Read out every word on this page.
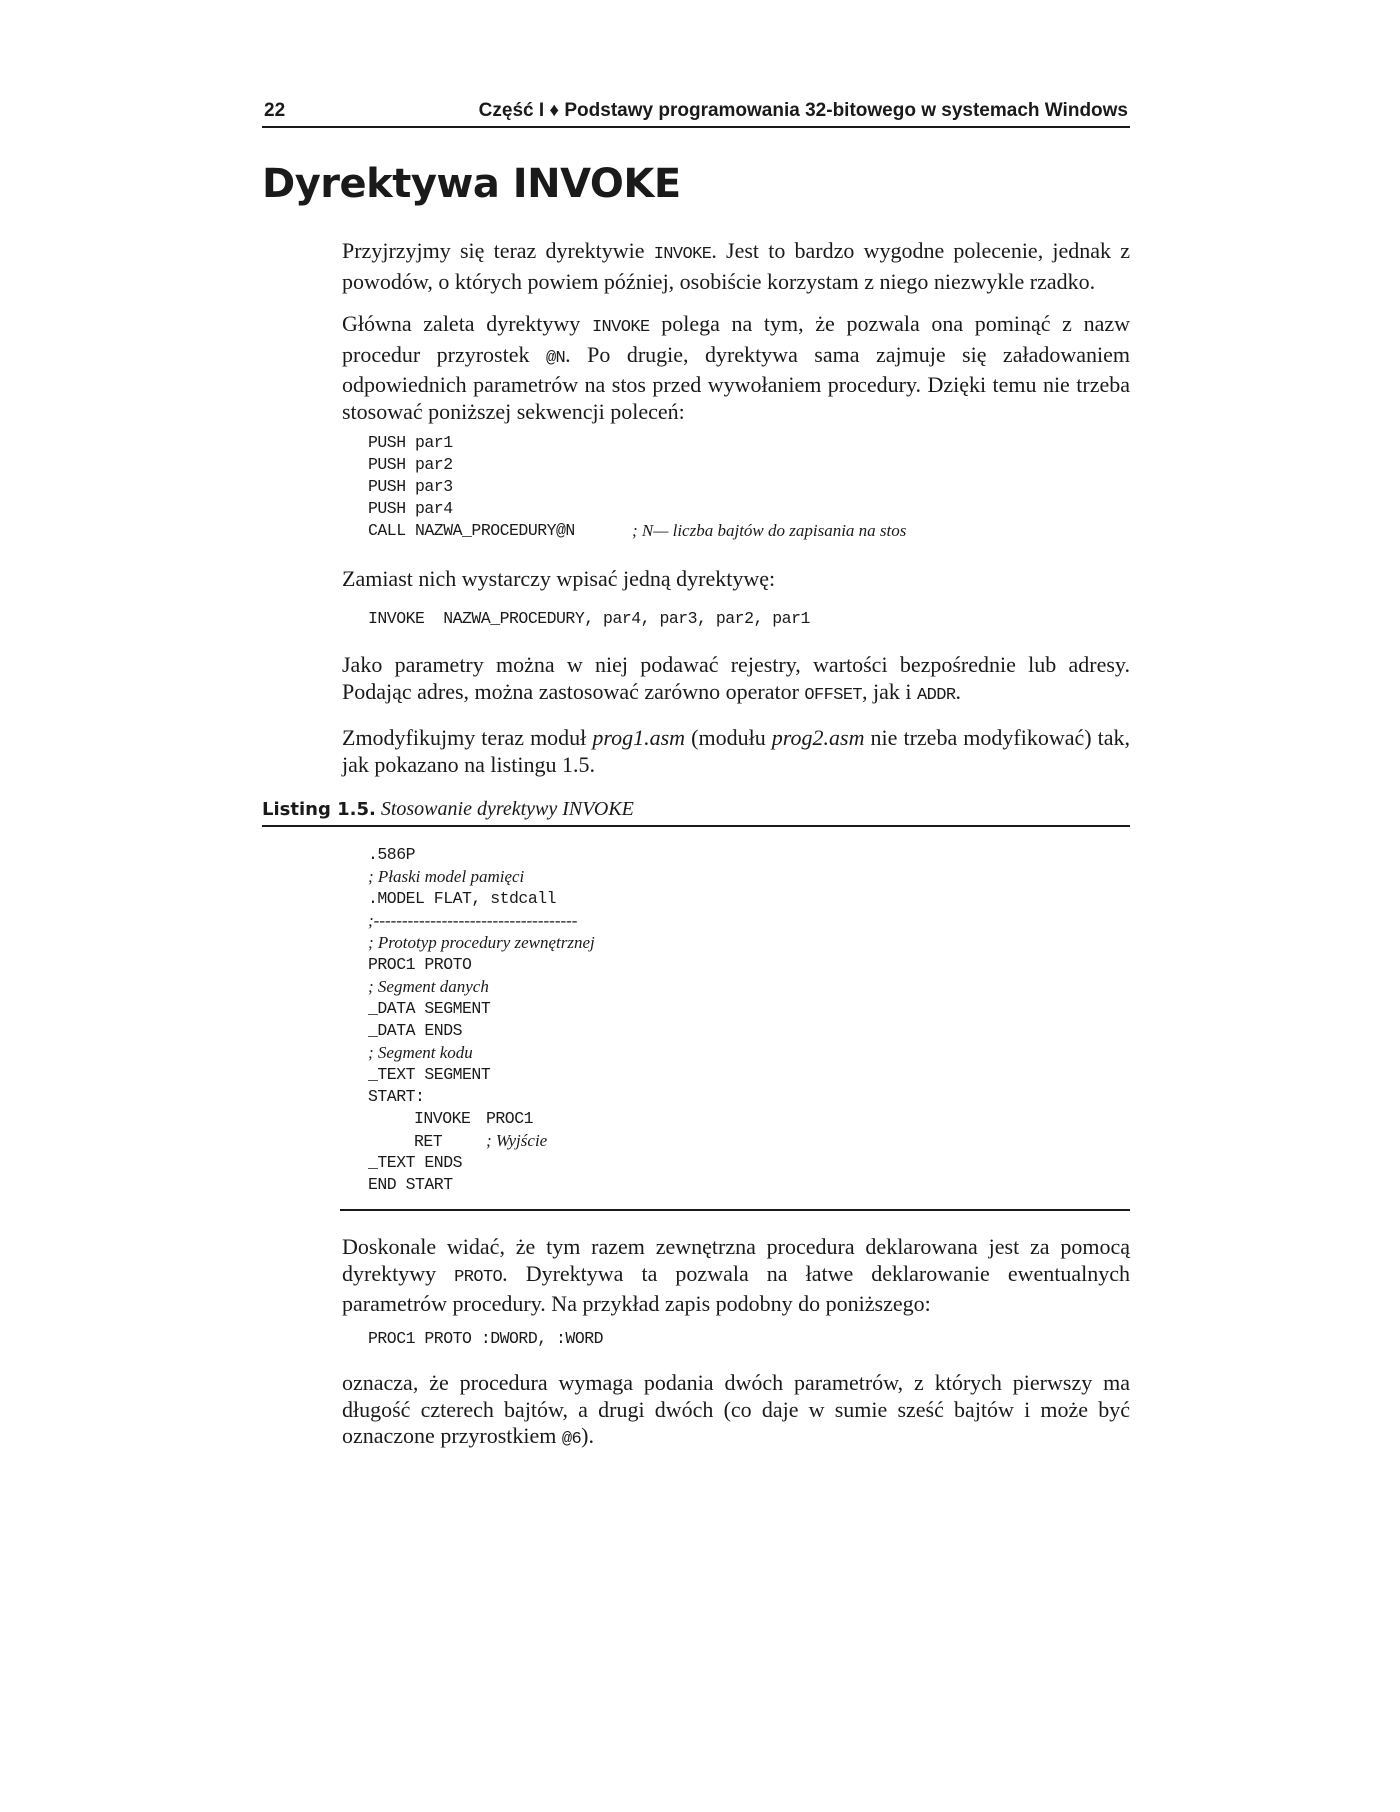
22	Część I ♦ Podstawy programowania 32-bitowego w systemach Windows
Dyrektywa INVOKE

Przyjrzyjmy się teraz dyrektywie INVOKE. Jest to bardzo wygodne polecenie, jednak z powodów, o których powiem później, osobiście korzystam z niego niezwykle rzadko.

Główna zaleta dyrektywy INVOKE polega na tym, że pozwala ona pominąć z nazw procedur przyrostek @N. Po drugie, dyrektywa sama zajmuje się załadowaniem odpowiednich parametrów na stos przed wywołaniem procedury. Dzięki temu nie trzeba stosować poniższej sekwencji poleceń:

PUSH par1
PUSH par2
PUSH par3
PUSH par4
CALL NAZWA_PROCEDURY@N	; N— liczba bajtów do zapisania na stos

Zamiast nich wystarczy wpisać jedną dyrektywę:

INVOKE  NAZWA_PROCEDURY, par4, par3, par2, par1

Jako parametry można w niej podawać rejestry, wartości bezpośrednie lub adresy. Podając adres, można zastosować zarówno operator OFFSET, jak i ADDR.

Zmodyfikujmy teraz moduł prog1.asm (modułu prog2.asm nie trzeba modyfikować) tak, jak pokazano na listingu 1.5.

Listing 1.5. Stosowanie dyrektywy INVOKE
.586P
; Płaski model pamięci
.MODEL FLAT, stdcall
;------------------------------------
; Prototyp procedury zewnętrznej
PROC1 PROTO
; Segment danych
_DATA SEGMENT
_DATA ENDS
; Segment kodu
_TEXT SEGMENT
START:
INVOKE PROC1
RET	; Wyjście
_TEXT ENDS
END START

Doskonale widać, że tym razem zewnętrzna procedura deklarowana jest za pomocą dyrektywy PROTO. Dyrektywa ta pozwala na łatwe deklarowanie ewentualnych parametrów procedury. Na przykład zapis podobny do poniższego:

PROC1 PROTO :DWORD, :WORD

oznacza, że procedura wymaga podania dwóch parametrów, z których pierwszy ma długość czterech bajtów, a drugi dwóch (co daje w sumie sześć bajtów i może być oznaczone przyrostkiem @6).
